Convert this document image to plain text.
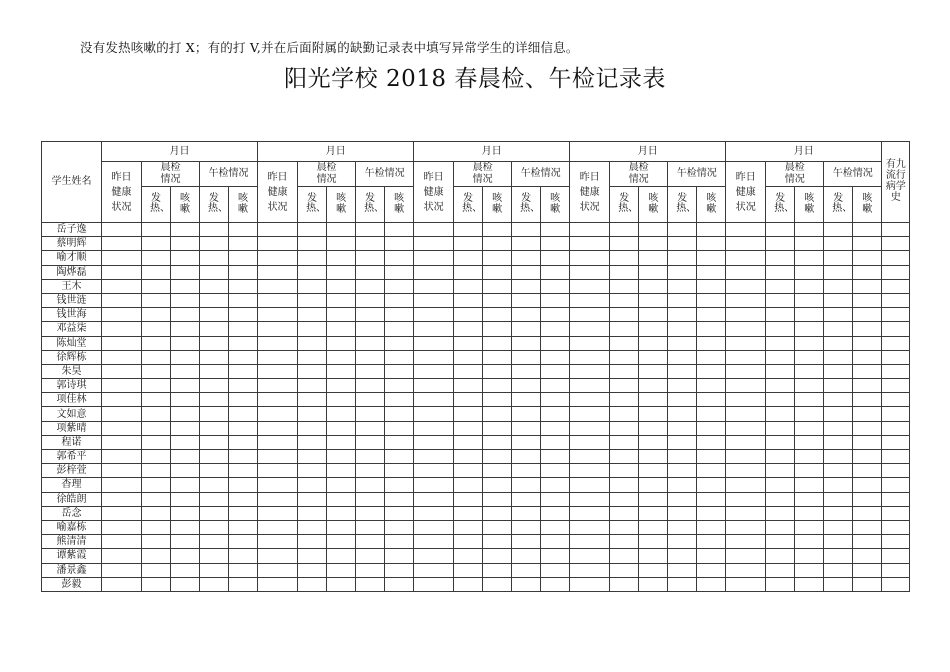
没有发热咳嗽的打 X；有的打 V,并在后面附属的缺勤记录表中填写异常学生的详细信息。
阳光学校 2018 春晨检、午检记录表
学生姓名	月日					月日					月日					月日					月日					有九流行病学史
	昨日健康状况	晨检情况		午检情况		昨日健康状况	晨检情况		午检情况		昨日健康状况	晨检情况		午检情况		昨日健康状况	晨检情况		午检情况		昨日健康状况	晨检情况		午检情况		
		发热、	咳嗽	发热、	咳嗽		发热、	咳嗽	发热、	咳嗽		发热、	咳嗽	发热、	咳嗽		发热、	咳嗽	发热、	咳嗽		发热、	咳嗽	发热、	咳嗽	
岳子逸																										
蔡明辉																										
喻才顺																										
陶烨磊																										
王木																										
钱世涟																										
钱世海																										
邓益柒																										
陈灿堂																										
徐辉栋																										
朱昊																										
郭诗琪																										
项佳林																										
文如意																										
项紫晴																										
程诺																										
郭希平																										
彭梓萱																										
杳理																										
徐皓朗																										
岳念																										
喻嘉栋																										
熊清清																										
谭紫霞																										
潘景鑫																										
彭毅																										
